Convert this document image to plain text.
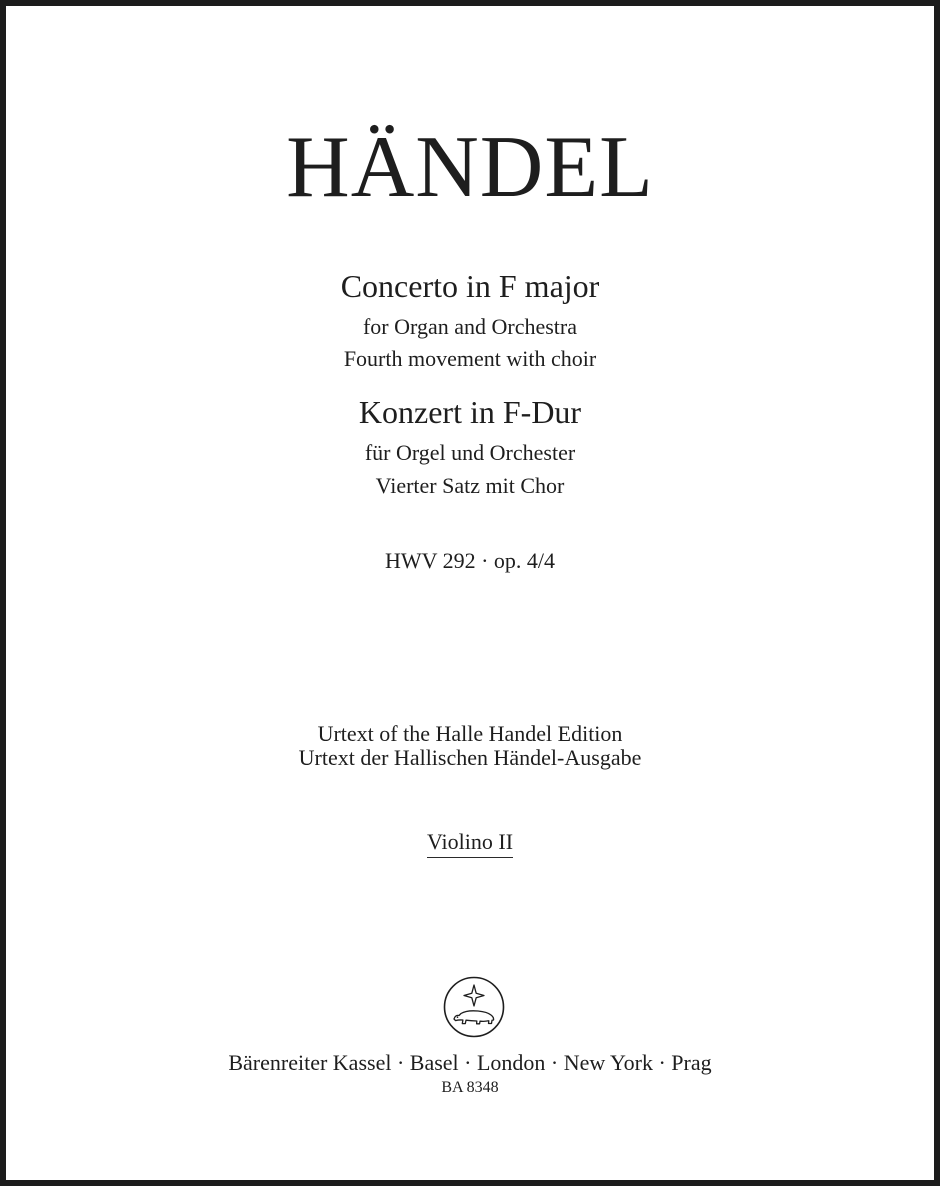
HÄNDEL
Concerto in F major
for Organ and Orchestra
Fourth movement with choir
Konzert in F-Dur
für Orgel und Orchester
Vierter Satz mit Chor
HWV 292 · op. 4/4
Urtext of the Halle Handel Edition
Urtext der Hallischen Händel-Ausgabe
Violino II
Bärenreiter Kassel · Basel · London · New York · Prag
BA 8348
